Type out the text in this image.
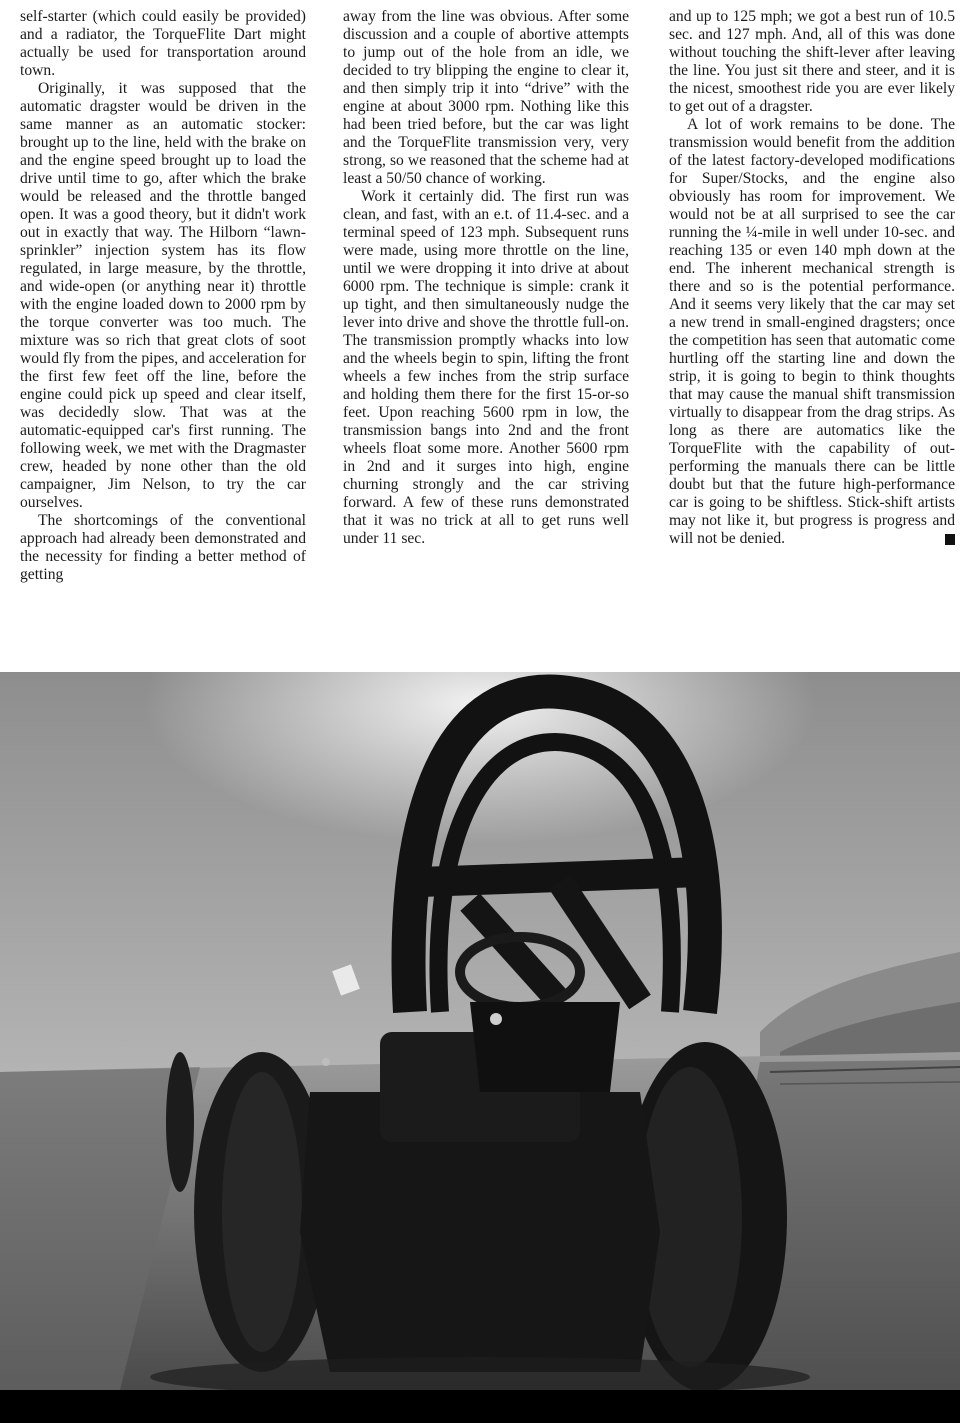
self-starter (which could easily be provided) and a radiator, the TorqueFlite Dart might actually be used for transportation around town.

Originally, it was supposed that the automatic dragster would be driven in the same manner as an automatic stocker: brought up to the line, held with the brake on and the engine speed brought up to load the drive until time to go, after which the brake would be released and the throttle banged open. It was a good theory, but it didn't work out in exactly that way. The Hilborn “lawn-sprinkler” injection system has its flow regulated, in large measure, by the throttle, and wide-open (or anything near it) throttle with the engine loaded down to 2000 rpm by the torque converter was too much. The mixture was so rich that great clots of soot would fly from the pipes, and acceleration for the first few feet off the line, before the engine could pick up speed and clear itself, was decidedly slow. That was at the automatic-equipped car's first running. The following week, we met with the Dragmaster crew, headed by none other than the old campaigner, Jim Nelson, to try the car ourselves.

The shortcomings of the conventional approach had already been demonstrated and the necessity for finding a better method of getting

away from the line was obvious. After some discussion and a couple of abortive attempts to jump out of the hole from an idle, we decided to try blipping the engine to clear it, and then simply trip it into “drive” with the engine at about 3000 rpm. Nothing like this had been tried before, but the car was light and the TorqueFlite transmission very, very strong, so we reasoned that the scheme had at least a 50/50 chance of working.

Work it certainly did. The first run was clean, and fast, with an e.t. of 11.4-sec. and a terminal speed of 123 mph. Subsequent runs were made, using more throttle on the line, until we were dropping it into drive at about 6000 rpm. The technique is simple: crank it up tight, and then simultaneously nudge the lever into drive and shove the throttle full-on. The transmission promptly whacks into low and the wheels begin to spin, lifting the front wheels a few inches from the strip surface and holding them there for the first 15-or-so feet. Upon reaching 5600 rpm in low, the transmission bangs into 2nd and the front wheels float some more. Another 5600 rpm in 2nd and it surges into high, engine churning strongly and the car striving forward. A few of these runs demonstrated that it was no trick at all to get runs well under 11 sec.

and up to 125 mph; we got a best run of 10.5 sec. and 127 mph. And, all of this was done without touching the shift-lever after leaving the line. You just sit there and steer, and it is the nicest, smoothest ride you are ever likely to get out of a dragster.

A lot of work remains to be done. The transmission would benefit from the addition of the latest factory-developed modifications for Super/Stocks, and the engine also obviously has room for improvement. We would not be at all surprised to see the car running the ¼-mile in well under 10-sec. and reaching 135 or even 140 mph down at the end. The inherent mechanical strength is there and so is the potential performance. And it seems very likely that the car may set a new trend in small-engined dragsters; once the competition has seen that automatic come hurtling off the starting line and down the strip, it is going to begin to think thoughts that may cause the manual shift transmission virtually to disappear from the drag strips. As long as there are automatics like the TorqueFlite with the capability of out-performing the manuals there can be little doubt but that the future high-performance car is going to be shiftless. Stick-shift artists may not like it, but progress is progress and will not be denied.
